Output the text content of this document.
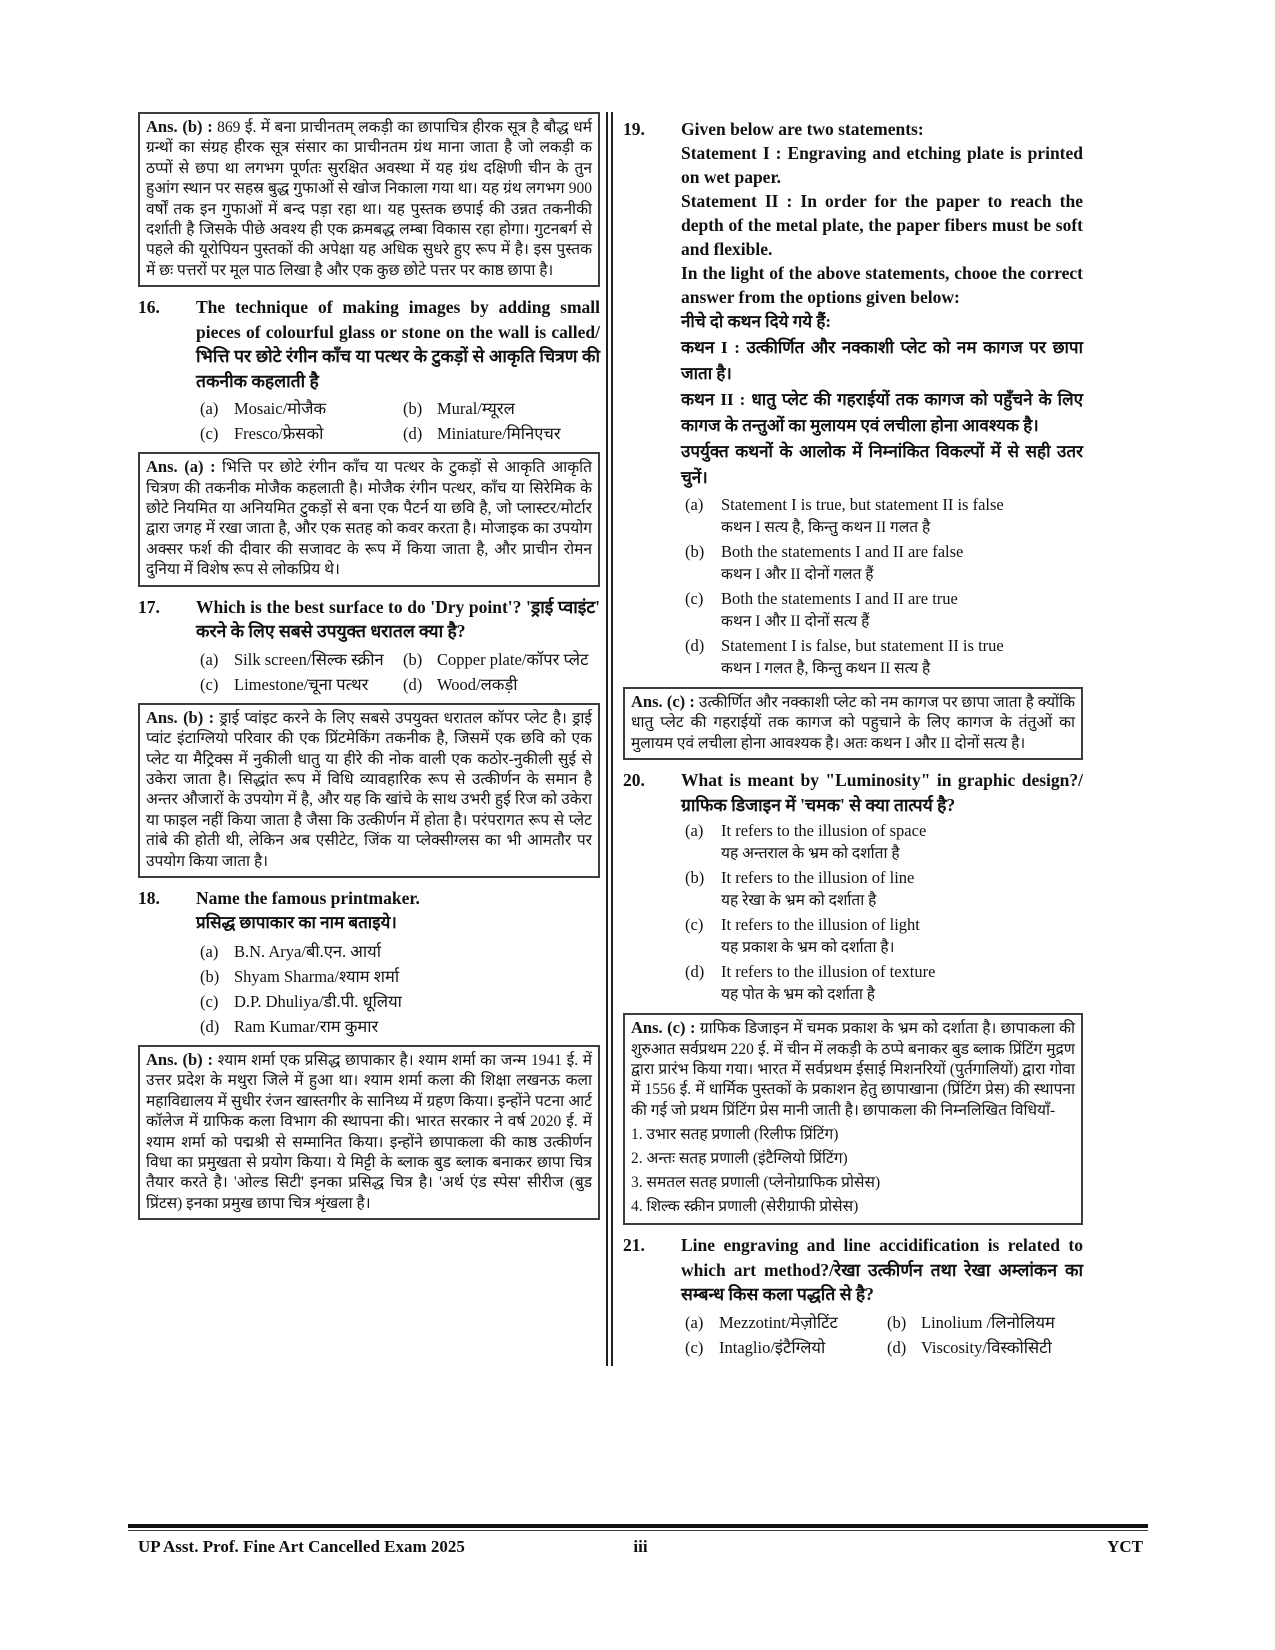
Ans. (b) : 869 ई. में बना प्राचीनतम् लकड़ी का छापाचित्र हीरक सूत्र है बौद्ध धर्म ग्रन्थों का संग्रह हीरक सूत्र संसार का प्राचीनतम ग्रंथ माना जाता है जो लकड़ी क ठप्पों से छपा था लगभग पूर्णतः सुरक्षित अवस्था में यह ग्रंथ दक्षिणी चीन के तुन हुआंग स्थान पर सहस्र बुद्ध गुफाओं से खोज निकाला गया था। यह ग्रंथ लगभग 900 वर्षों तक इन गुफाओं में बन्द पड़ा रहा था। यह पुस्तक छपाई की उन्नत तकनीकी दर्शाती है जिसके पीछे अवश्य ही एक क्रमबद्ध लम्बा विकास रहा होगा। गुटनबर्ग से पहले की यूरोपियन पुस्तकों की अपेक्षा यह अधिक सुधरे हुए रूप में है। इस पुस्तक में छः पत्तरों पर मूल पाठ लिखा है और एक कुछ छोटे पत्तर पर काष्ठ छापा है।
16.	The technique of making images by adding small pieces of colourful glass or stone on the wall is called/भित्ति पर छोटे रंगीन काँच या पत्थर के टुकड़ों से आकृति चित्रण की तकनीक कहलाती है
(a) Mosaic/मोजैक	(b) Mural/म्यूरल
(c) Fresco/फ्रेसको	(d) Miniature/मिनिएचर
Ans. (a) : भित्ति पर छोटे रंगीन काँच या पत्थर के टुकड़ों से आकृति आकृति चित्रण की तकनीक मोजैक कहलाती है। मोजैक रंगीन पत्थर, काँच या सिरेमिक के छोटे नियमित या अनियमित टुकड़ों से बना एक पैटर्न या छवि है, जो प्लास्टर/मोर्टार द्वारा जगह में रखा जाता है, और एक सतह को कवर करता है। मोजाइक का उपयोग अक्सर फर्श की दीवार की सजावट के रूप में किया जाता है, और प्राचीन रोमन दुनिया में विशेष रूप से लोकप्रिय थे।
17.	Which is the best surface to do 'Dry point'? 'ड्राई प्वाइंट' करने के लिए सबसे उपयुक्त धरातल क्या है?
(a) Silk screen/सिल्क स्क्रीन	(b) Copper plate/कॉपर प्लेट
(c) Limestone/चूना पत्थर	(d) Wood/लकड़ी
Ans. (b) : ड्राई प्वांइट करने के लिए सबसे उपयुक्त धरातल कॉपर प्लेट है। ड्राई प्वांट इंटाग्लियो परिवार की एक प्रिंटमेकिंग तकनीक है, जिसमें एक छवि को एक प्लेट या मैट्रिक्स में नुकीली धातु या हीरे की नोक वाली एक कठोर-नुकीली सुई से उकेरा जाता है। सिद्धांत रूप में विधि व्यावहारिक रूप से उत्कीर्णन के समान है अन्तर औजारों के उपयोग में है, और यह कि खांचे के साथ उभरी हुई रिज को उकेरा या फाइल नहीं किया जाता है जैसा कि उत्कीर्णन में होता है। परंपरागत रूप से प्लेट तांबे की होती थी, लेकिन अब एसीटेट, जिंक या प्लेक्सीग्लस का भी आमतौर पर उपयोग किया जाता है।
18.	Name the famous printmaker.
प्रसिद्ध छापाकार का नाम बताइये।
(a) B.N. Arya/बी.एन. आर्या
(b) Shyam Sharma/श्याम शर्मा
(c) D.P. Dhuliya/डी.पी. धूलिया
(d) Ram Kumar/राम कुमार
Ans. (b) : श्याम शर्मा एक प्रसिद्ध छापाकार है। श्याम शर्मा का जन्म 1941 ई. में उत्तर प्रदेश के मथुरा जिले में हुआ था। श्याम शर्मा कला की शिक्षा लखनऊ कला महाविद्यालय में सुधीर रंजन खास्तगीर के सानिध्य में ग्रहण किया। इन्होंने पटना आर्ट कॉलेज में ग्राफिक कला विभाग की स्थापना की। भारत सरकार ने वर्ष 2020 ई. में श्याम शर्मा को पद्मश्री से सम्मानित किया। इन्होंने छापाकला की काष्ठ उत्कीर्णन विधा का प्रमुखता से प्रयोग किया। ये मिट्टी के ब्लाक बुड ब्लाक बनाकर छापा चित्र तैयार करते है। 'ओल्ड सिटी' इनका प्रसिद्ध चित्र है। 'अर्थ एंड स्पेस' सीरीज (बुड प्रिंटस) इनका प्रमुख छापा चित्र शृंखला है।
19.	Given below are two statements:
Statement I : Engraving and etching plate is printed on wet paper.
Statement II : In order for the paper to reach the depth of the metal plate, the paper fibers must be soft and flexible.
In the light of the above statements, chooe the correct answer from the options given below:
नीचे दो कथन दिये गये हैं:
कथन I : उत्कीर्णित और नक्काशी प्लेट को नम कागज पर छापा जाता है।
कथन II : धातु प्लेट की गहराईयों तक कागज को पहुँचने के लिए कागज के तन्तुओं का मुलायम एवं लचीला होना आवश्यक है।
उपर्युक्त कथनों के आलोक में निम्नांकित विकल्पों में से सही उतर चुनें।
(a)	Statement I is true, but statement II is false
कथन I सत्य है, किन्तु कथन II गलत है
(b)	Both the statements I and II are false
कथन I और II दोनों गलत हैं
(c)	Both the statements I and II are true
कथन I और II दोनों सत्य हैं
(d)	Statement I is false, but statement II is true
कथन I गलत है, किन्तु कथन II सत्य है
Ans. (c) : उत्कीर्णित और नक्काशी प्लेट को नम कागज पर छापा जाता है क्योंकि धातु प्लेट की गहराईयों तक कागज को पहुचाने के लिए कागज के तंतुओं का मुलायम एवं लचीला होना आवश्यक है। अतः कथन I और II दोनों सत्य है।
20.	What is meant by "Luminosity" in graphic design?/ग्राफिक डिजाइन में 'चमक' से क्या तात्पर्य है?
(a)	It refers to the illusion of space
यह अन्तराल के भ्रम को दर्शाता है
(b)	It refers to the illusion of line
यह रेखा के भ्रम को दर्शाता है
(c)	It refers to the illusion of light
यह प्रकाश के भ्रम को दर्शाता है।
(d)	It refers to the illusion of texture
यह पोत के भ्रम को दर्शाता है
Ans. (c) : ग्राफिक डिजाइन में चमक प्रकाश के भ्रम को दर्शाता है। छापाकला की शुरुआत सर्वप्रथम 220 ई. में चीन में लकड़ी के ठप्पे बनाकर बुड ब्लाक प्रिंटिंग मुद्रण द्वारा प्रारंभ किया गया। भारत में सर्वप्रथम ईसाई मिशनरियों (पुर्तगालियों) द्वारा गोवा में 1556 ई. में धार्मिक पुस्तकों के प्रकाशन हेतु छापाखाना (प्रिंटिंग प्रेस) की स्थापना की गई जो प्रथम प्रिंटिंग प्रेस मानी जाती है। छापाकला की निम्नलिखित विधियाँ-
1. उभार सतह प्रणाली (रिलीफ प्रिंटिंग)
2. अन्तः सतह प्रणाली (इंटैग्लियो प्रिंटिंग)
3. समतल सतह प्रणाली (प्लेनोग्राफिक प्रोसेस)
4. शिल्क स्क्रीन प्रणाली (सेरीग्राफी प्रोसेस)
21.	Line engraving and line accidification is related to which art method?/रेखा उत्कीर्णन तथा रेखा अम्लांकन का सम्बन्ध किस कला पद्धति से है?
(a) Mezzotint/मेज़ोटिंट	(b) Linolium /लिनोलियम
(c) Intaglio/इंटैग्लियो	(d) Viscosity/विस्कोसिटी
iii
UP Asst. Prof. Fine Art Cancelled Exam 2025	YCT
